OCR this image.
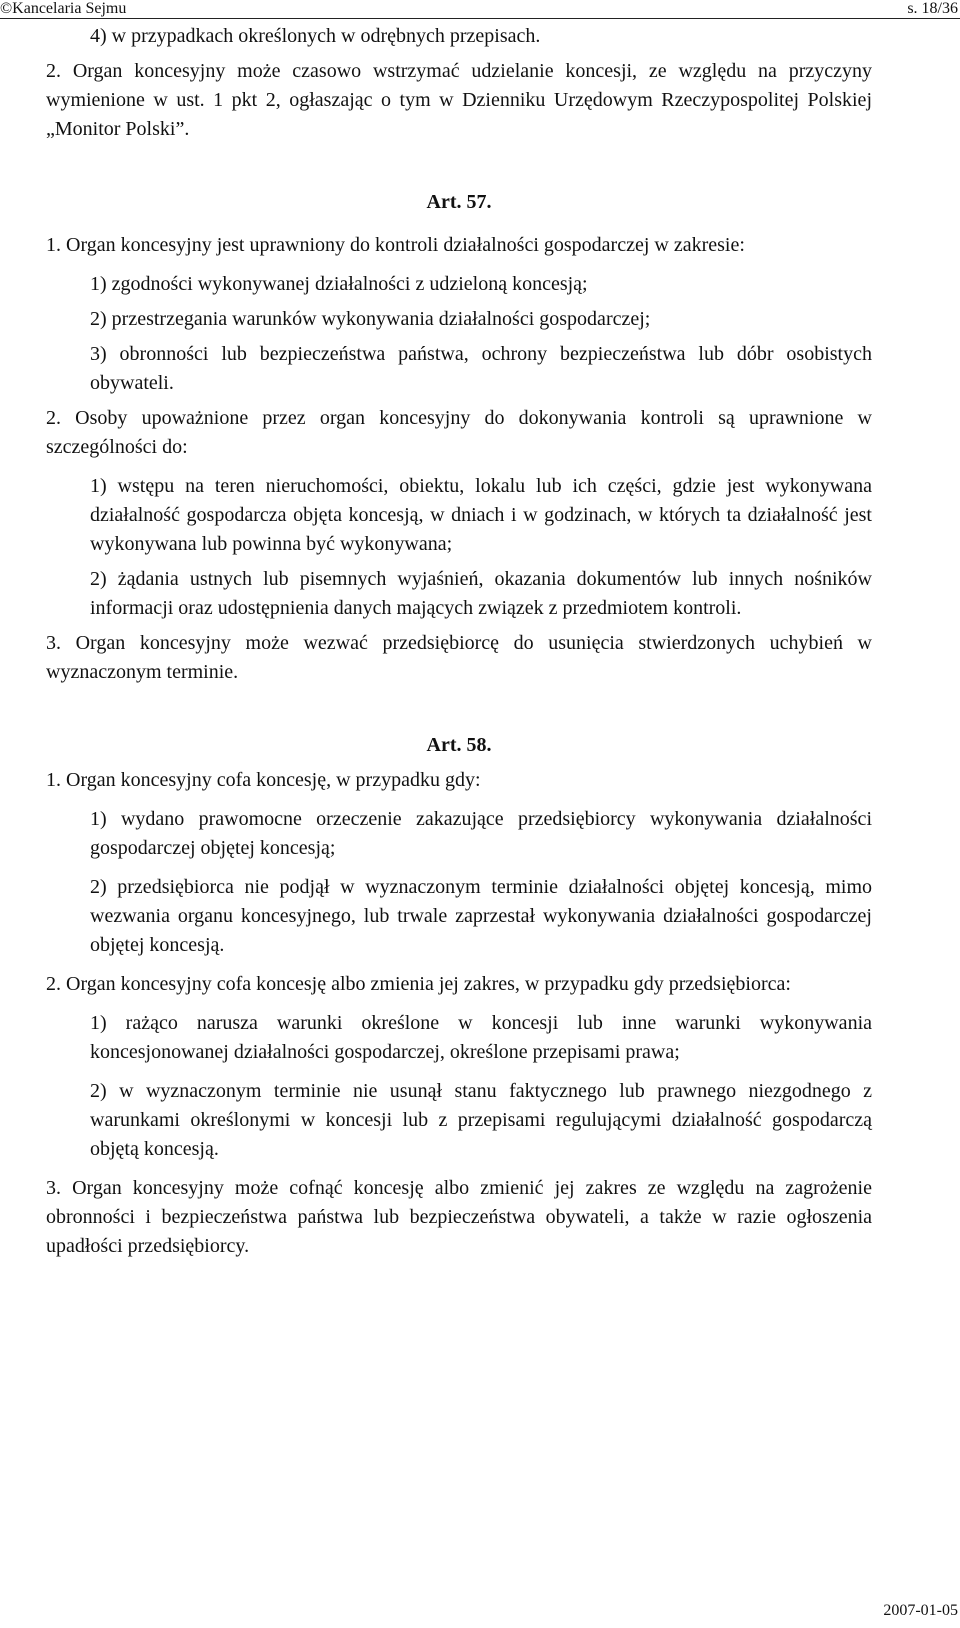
©Kancelaria Sejmu	s. 18/36

4) w przypadkach określonych w odrębnych przepisach.

2. Organ koncesyjny może czasowo wstrzymać udzielanie koncesji, ze względu na przyczyny wymienione w ust. 1 pkt 2, ogłaszając o tym w Dzienniku Urzędowym Rzeczypospolitej Polskiej „Monitor Polski”.

Art. 57.

1. Organ koncesyjny jest uprawniony do kontroli działalności gospodarczej w zakresie:

1) zgodności wykonywanej działalności z udzieloną koncesją;

2) przestrzegania warunków wykonywania działalności gospodarczej;

3) obronności lub bezpieczeństwa państwa, ochrony bezpieczeństwa lub dóbr osobistych obywateli.

2. Osoby upoważnione przez organ koncesyjny do dokonywania kontroli są uprawnione w szczególności do:

1) wstępu na teren nieruchomości, obiektu, lokalu lub ich części, gdzie jest wykonywana działalność gospodarcza objęta koncesją, w dniach i w godzinach, w których ta działalność jest wykonywana lub powinna być wykonywana;

2) żądania ustnych lub pisemnych wyjaśnień, okazania dokumentów lub innych nośników informacji oraz udostępnienia danych mających związek z przedmiotem kontroli.

3. Organ koncesyjny może wezwać przedsiębiorcę do usunięcia stwierdzonych uchybień w wyznaczonym terminie.

Art. 58.

1. Organ koncesyjny cofa koncesję, w przypadku gdy:

1) wydano prawomocne orzeczenie zakazujące przedsiębiorcy wykonywania działalności gospodarczej objętej koncesją;

2) przedsiębiorca nie podjął w wyznaczonym terminie działalności objętej koncesją, mimo wezwania organu koncesyjnego, lub trwale zaprzestał wykonywania działalności gospodarczej objętej koncesją.

2. Organ koncesyjny cofa koncesję albo zmienia jej zakres, w przypadku gdy przedsiębiorca:

1) rażąco narusza warunki określone w koncesji lub inne warunki wykonywania koncesjonowanej działalności gospodarczej, określone przepisami prawa;

2) w wyznaczonym terminie nie usunął stanu faktycznego lub prawnego niezgodnego z warunkami określonymi w koncesji lub z przepisami regulującymi działalność gospodarczą objętą koncesją.

3. Organ koncesyjny może cofnąć koncesję albo zmienić jej zakres ze względu na zagrożenie obronności i bezpieczeństwa państwa lub bezpieczeństwa obywateli, a także w razie ogłoszenia upadłości przedsiębiorcy.

2007-01-05
